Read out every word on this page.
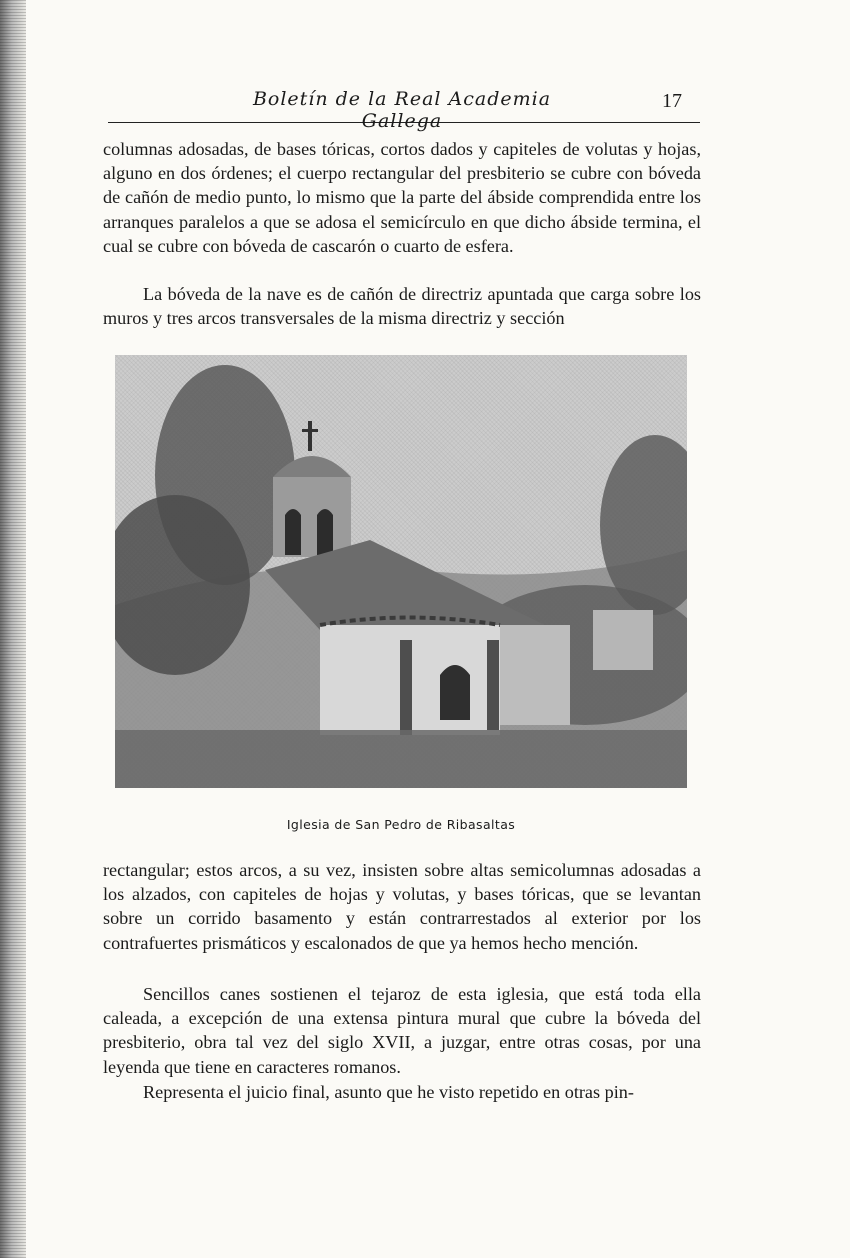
Boletín de la Real Academia Gallega
17

columnas adosadas, de bases tóricas, cortos dados y capiteles de volutas y hojas, alguno en dos órdenes; el cuerpo rectangular del presbiterio se cubre con bóveda de cañón de medio punto, lo mismo que la parte del ábside comprendida entre los arranques paralelos a que se adosa el semicírculo en que dicho ábside termina, el cual se cubre con bóveda de cascarón o cuarto de esfera.

La bóveda de la nave es de cañón de directriz apuntada que carga sobre los muros y tres arcos transversales de la misma directriz y sección

Iglesia de San Pedro de Ribasaltas

rectangular; estos arcos, a su vez, insisten sobre altas semicolumnas adosadas a los alzados, con capiteles de hojas y volutas, y bases tóricas, que se levantan sobre un corrido basamento y están contrarrestados al exterior por los contrafuertes prismáticos y escalonados de que ya hemos hecho mención.

Sencillos canes sostienen el tejaroz de esta iglesia, que está toda ella caleada, a excepción de una extensa pintura mural que cubre la bóveda del presbiterio, obra tal vez del siglo XVII, a juzgar, entre otras cosas, por una leyenda que tiene en caracteres romanos.

Representa el juicio final, asunto que he visto repetido en otras pin-
